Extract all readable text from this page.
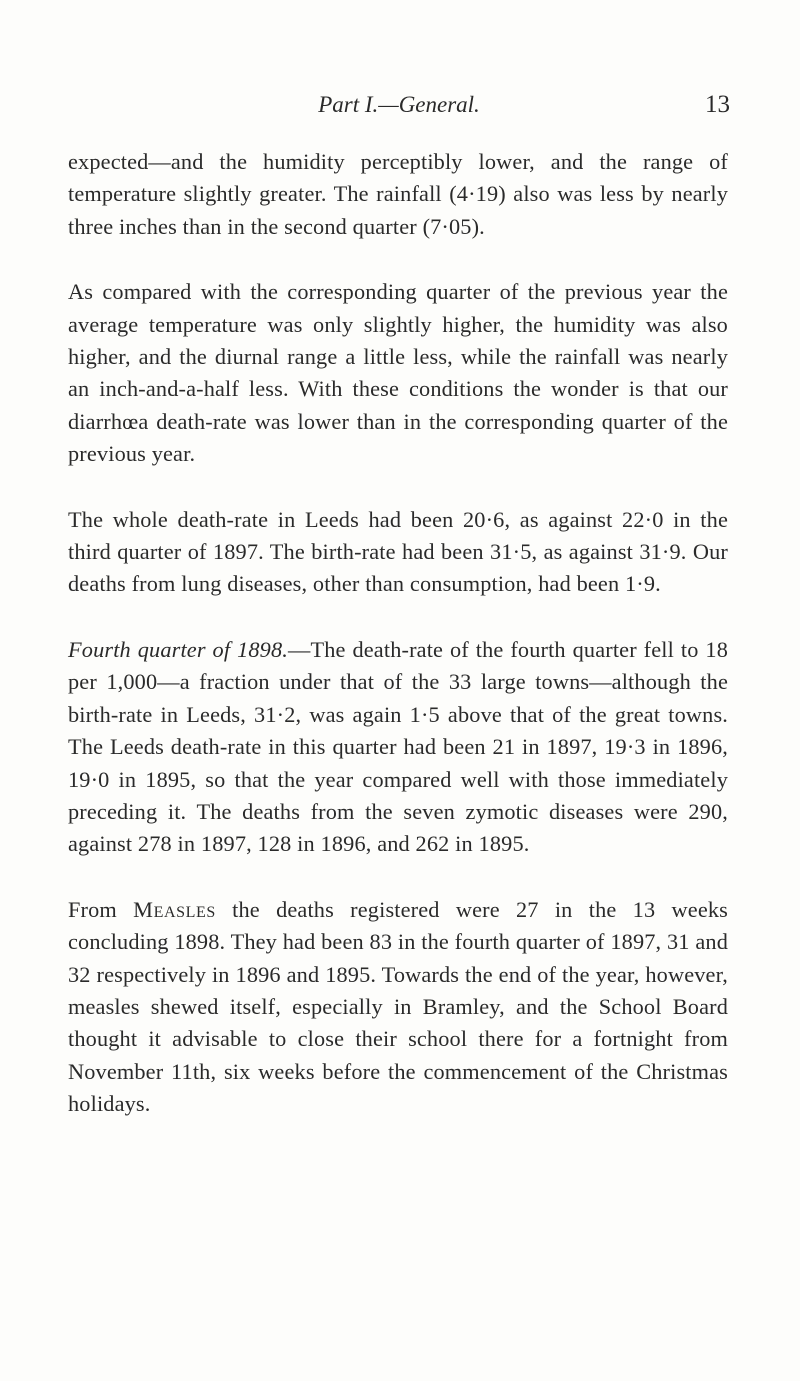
Part I.—General.	13

expected—and the humidity perceptibly lower, and the range of temperature slightly greater. The rainfall (4·19) also was less by nearly three inches than in the second quarter (7·05).

As compared with the corresponding quarter of the previous year the average temperature was only slightly higher, the humidity was also higher, and the diurnal range a little less, while the rainfall was nearly an inch-and-a-half less. With these conditions the wonder is that our diarrhœa death-rate was lower than in the corresponding quarter of the previous year.

The whole death-rate in Leeds had been 20·6, as against 22·0 in the third quarter of 1897. The birth-rate had been 31·5, as against 31·9. Our deaths from lung diseases, other than consumption, had been 1·9.

Fourth quarter of 1898.—The death-rate of the fourth quarter fell to 18 per 1,000—a fraction under that of the 33 large towns—although the birth-rate in Leeds, 31·2, was again 1·5 above that of the great towns. The Leeds death-rate in this quarter had been 21 in 1897, 19·3 in 1896, 19·0 in 1895, so that the year compared well with those immediately preceding it. The deaths from the seven zymotic diseases were 290, against 278 in 1897, 128 in 1896, and 262 in 1895.

From Measles the deaths registered were 27 in the 13 weeks concluding 1898. They had been 83 in the fourth quarter of 1897, 31 and 32 respectively in 1896 and 1895. Towards the end of the year, however, measles shewed itself, especially in Bramley, and the School Board thought it advisable to close their school there for a fortnight from November 11th, six weeks before the commencement of the Christmas holidays.
